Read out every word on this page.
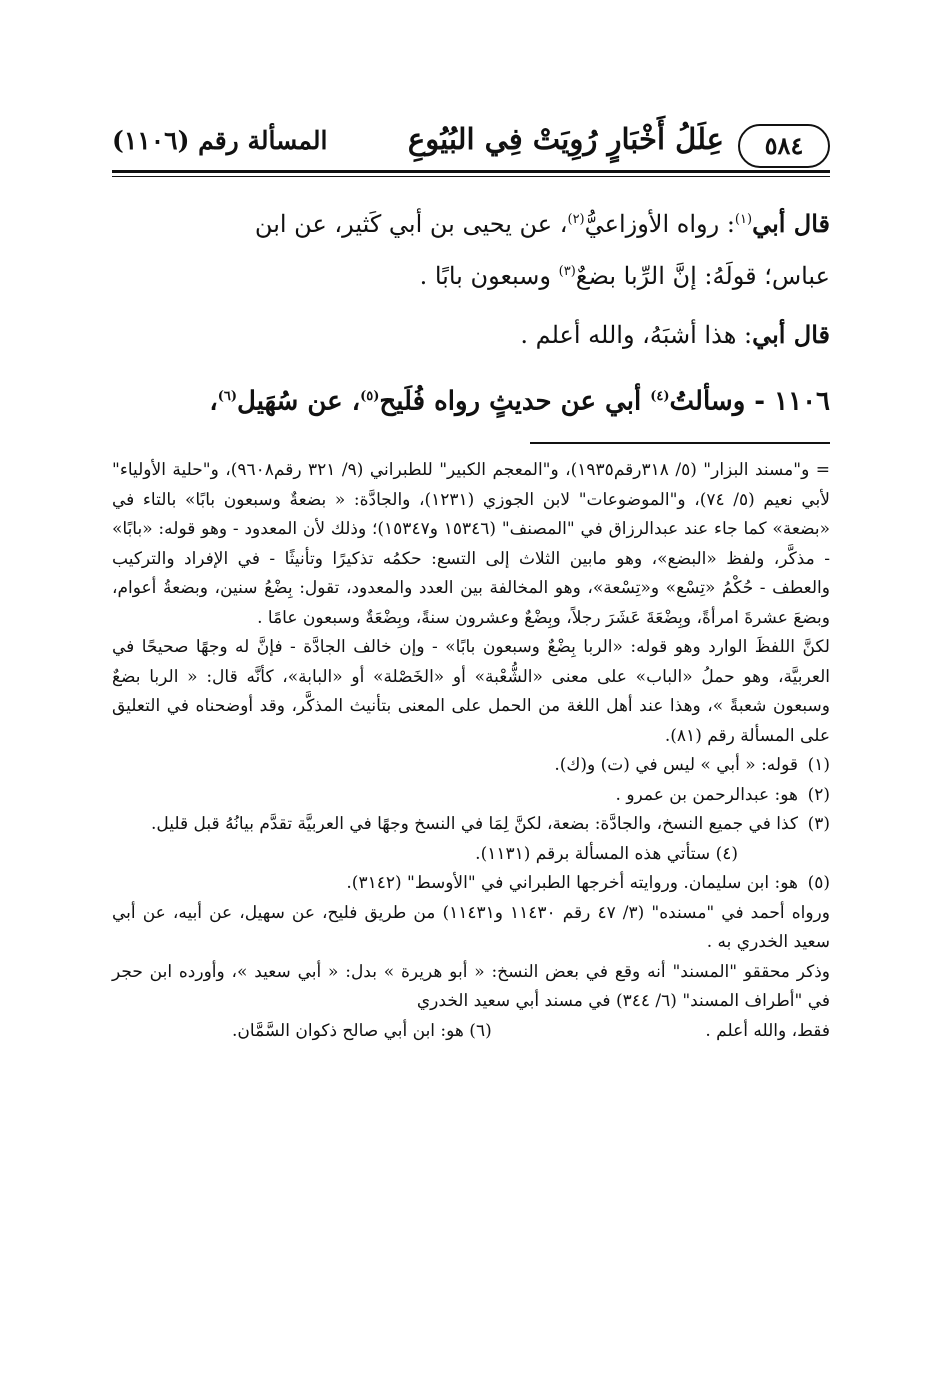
٥٨٤
عِلَلُ أَخْبَارٍ رُوِيَتْ فِي البُيُوعِ
المسألة رقم (١١٠٦)

قال أبي$^{(١)}$: رواه الأوزاعيُّ$^{(٢)}$، عن يحيى بن أبي كَثير، عن ابن

عباس؛ قولَهُ: إنَّ الرِّبا بضعٌ$^{(٣)}$ وسبعون بابًا .

قال أبي: هذا أشبَهُ، والله أعلم .

١١٠٦ - وسألتُ$^{(٤)}$ أبي عن حديثٍ رواه فُلَيح$^{(٥)}$، عن سُهَيل$^{(٦)}$،

= و"مسند البزار" (٥/ ٣١٨رقم١٩٣٥)، و"المعجم الكبير" للطبراني (٩/ ٣٢١ رقم٩٦٠٨)، و"حلية الأولياء" لأبي نعيم (٥/ ٧٤)، و"الموضوعات" لابن الجوزي (١٢٣١)، والجادَّة: « بضعةٌ وسبعون بابًا» بالتاء في «بضعة» كما جاء عند عبدالرزاق في "المصنف" (١٥٣٤٦ و١٥٣٤٧)؛ وذلك لأن المعدود - وهو قوله: «بابًا» - مذكَّر، ولفظ «البضع»، وهو مابين الثلاث إلى التسع: حكمُه تذكيرًا وتأنيثًا - في الإفراد والتركيب والعطف - حُكْمُ «تِسْع» و«تِسْعة»، وهو المخالفة بين العدد والمعدود، تقول: بِضْعُ سنين، وبضعةُ أعوام، وبضعَ عشرةَ امرأةً، وبِضْعَةَ عَشَرَ رجلاً، وبِضْعٌ وعشرون سنةً، وبِضْعَةٌ وسبعون عامًا .

لكنَّ اللفظَ الوارد وهو قوله: «الربا بِضْعٌ وسبعون بابًا» - وإن خالف الجادَّة - فإنَّ له وجهًا صحيحًا في العربيَّة، وهو حملُ «الباب» على معنى «الشُّعْبة» أو «الخَصْلة» أو «البابة»، كأنَّه قال: « الربا بضعٌ وسبعون شعبةً »، وهذا عند أهل اللغة من الحمل على المعنى بتأنيث المذكَّر، وقد أوضحناه في التعليق على المسألة رقم (٨١).

(١)
قوله: « أبي » ليس في (ت) و(ك).
(٢)
هو: عبدالرحمن بن عمرو .
(٣)
كذا في جميع النسخ، والجادَّة: بضعة، لكنَّ لِمَا في النسخ وجهًا في العربيَّة تقدَّم بيانُهُ قبل قليل. (٤) ستأتي هذه المسألة برقم (١١٣١).
(٥)
هو: ابن سليمان. وروايته أخرجها الطبراني في "الأوسط" (٣١٤٢).

ورواه أحمد في "مسنده" (٣/ ٤٧ رقم ١١٤٣٠ و١١٤٣١) من طريق فليح، عن سهيل، عن أبيه، عن أبي سعيد الخدري به .

وذكر محققو "المسند" أنه وقع في بعض النسخ: « أبو هريرة » بدل: « أبي سعيد »، وأورده ابن حجر في "أطراف المسند" (٦/ ٣٤٤) في مسند أبي سعيد الخدري

فقط، والله أعلم .
(٦) هو: ابن أبي صالح ذكوان السَّمَّان.
